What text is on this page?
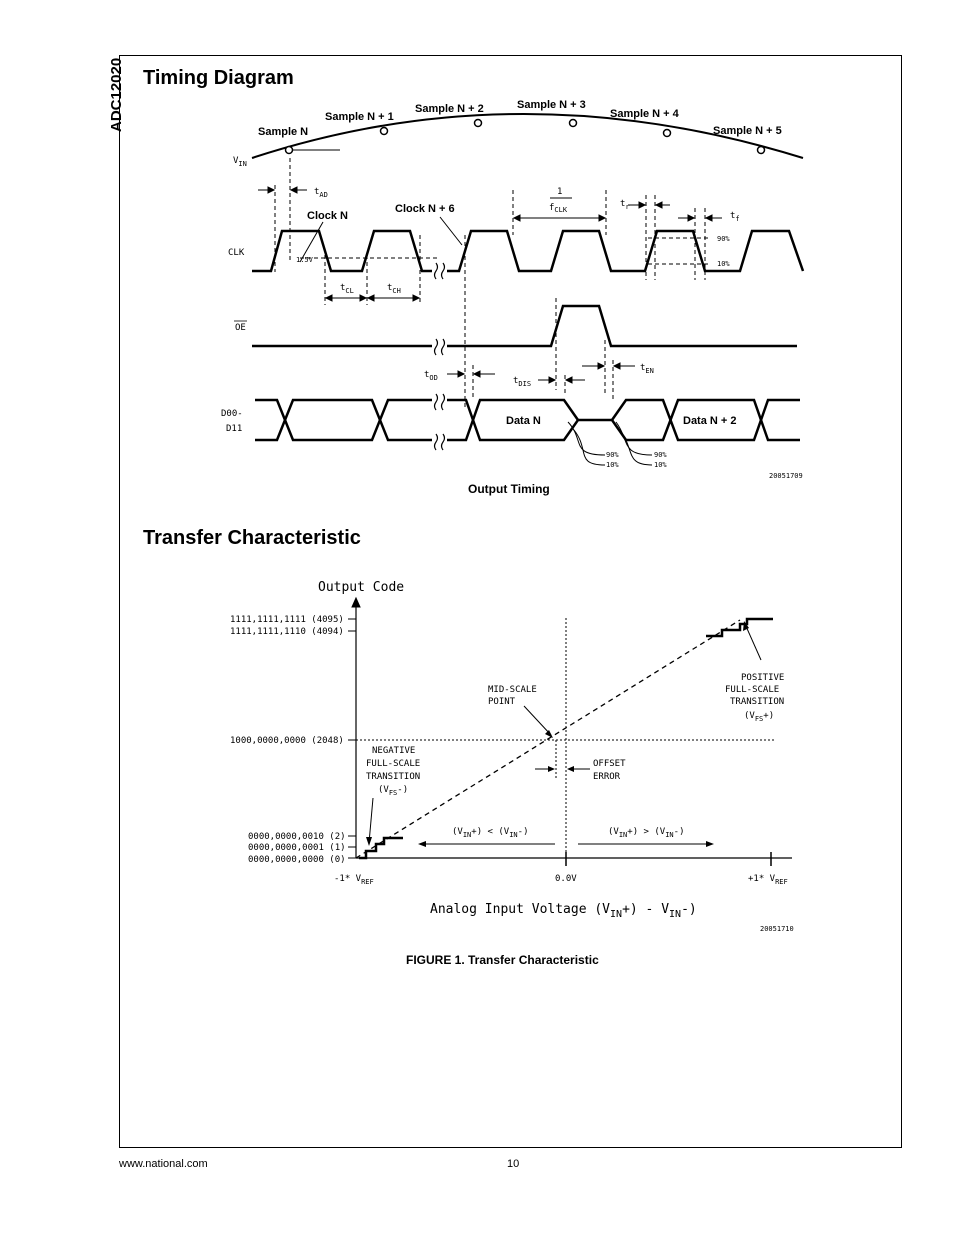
ADC12020 Timing Diagram
Sample N
Sample N + 1
Sample N + 2	Sample N + 3
Sample N + 4
Sample N + 5
Clock N
Clock N + 6
Data N	Data N + 2
$V_{IN}$
$t_{AD}$	1
$f_{CLK}$
$t_r$
$t_f$
90%
10%
CLK
1.5V
$t_{CL}$	$t_{CH}$
OE
$t_{OD}$	$t_{DIS}$
$t_{EN}$
D00-
D11
90%
10%
90%
10%
20051709
Output Timing
Transfer Characteristic
Output Code
1111,1111,1111 (4095)
1111,1111,1110 (4094)
1000,0000,0000 (2048)
0000,0000,0010 (2)
0000,0000,0001 (1)
0000,0000,0000 (0)
MID-SCALE
POINT
POSITIVE
FULL-SCALE
TRANSITION
$(V_{FS}+)$
NEGATIVE
FULL-SCALE
TRANSITION
$(V_{FS}-)$
OFFSET
ERROR
$(V_{IN}+) < (V_{IN}-)$	$(V_{IN}+) > (V_{IN}-)$
-1* $V_{REF}$	0.0V	+1* $V_{REF}$
Analog Input Voltage $(V_{IN}+) - V_{IN}-$)
20051710
FIGURE 1. Transfer Characteristic
www.national.com	10
